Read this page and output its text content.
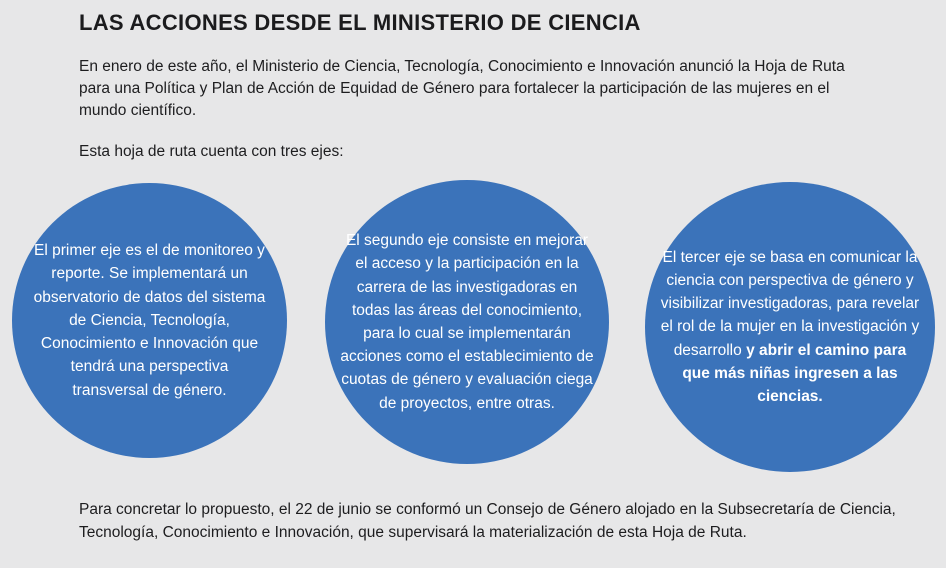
LAS ACCIONES DESDE EL MINISTERIO DE CIENCIA

En enero de este año, el Ministerio de Ciencia, Tecnología, Conocimiento e Innovación anunció la Hoja de Ruta para una Política y Plan de Acción de Equidad de Género para fortalecer la participación de las mujeres en el mundo científico.

Esta hoja de ruta cuenta con tres ejes:

El primer eje es el de monitoreo y reporte. Se implementará un observatorio de datos del sistema de Ciencia, Tecnología, Conocimiento e Innovación que tendrá una perspectiva transversal de género.
El segundo eje consiste en mejorar el acceso y la participación en la carrera de las investigadoras en todas las áreas del conocimiento, para lo cual se implementarán acciones como el establecimiento de cuotas de género y evaluación ciega de proyectos, entre otras.
El tercer eje se basa en comunicar la ciencia con perspectiva de género y visibilizar investigadoras, para revelar el rol de la mujer en la investigación y desarrollo y abrir el camino para que más niñas ingresen a las ciencias.

Para concretar lo propuesto, el 22 de junio se conformó un Consejo de Género alojado en la Subsecretaría de Ciencia, Tecnología, Conocimiento e Innovación, que supervisará la materialización de esta Hoja de Ruta.
